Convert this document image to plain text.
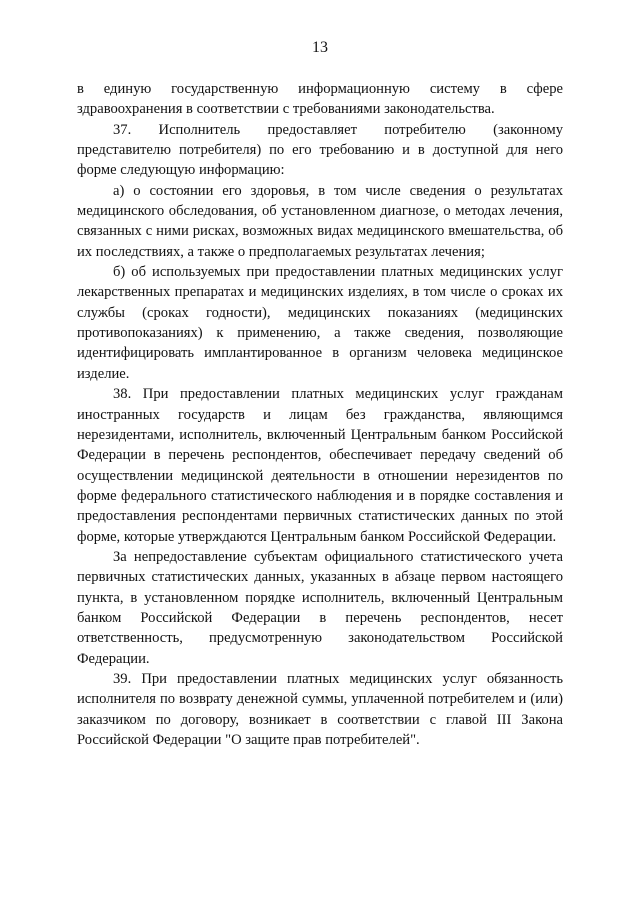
13

в единую государственную информационную систему в сфере здравоохранения в соответствии с требованиями законодательства.

37. Исполнитель предоставляет потребителю (законному представителю потребителя) по его требованию и в доступной для него форме следующую информацию:

а) о состоянии его здоровья, в том числе сведения о результатах медицинского обследования, об установленном диагнозе, о методах лечения, связанных с ними рисках, возможных видах медицинского вмешательства, об их последствиях, а также о предполагаемых результатах лечения;

б) об используемых при предоставлении платных медицинских услуг лекарственных препаратах и медицинских изделиях, в том числе о сроках их службы (сроках годности), медицинских показаниях (медицинских противопоказаниях) к применению, а также сведения, позволяющие идентифицировать имплантированное в организм человека медицинское изделие.

38. При предоставлении платных медицинских услуг гражданам иностранных государств и лицам без гражданства, являющимся нерезидентами, исполнитель, включенный Центральным банком Российской Федерации в перечень респондентов, обеспечивает передачу сведений об осуществлении медицинской деятельности в отношении нерезидентов по форме федерального статистического наблюдения и в порядке составления и предоставления респондентами первичных статистических данных по этой форме, которые утверждаются Центральным банком Российской Федерации.

За непредоставление субъектам официального статистического учета первичных статистических данных, указанных в абзаце первом настоящего пункта, в установленном порядке исполнитель, включенный Центральным банком Российской Федерации в перечень респондентов, несет ответственность, предусмотренную законодательством Российской Федерации.

39. При предоставлении платных медицинских услуг обязанность исполнителя по возврату денежной суммы, уплаченной потребителем и (или) заказчиком по договору, возникает в соответствии с главой III Закона Российской Федерации "О защите прав потребителей".
